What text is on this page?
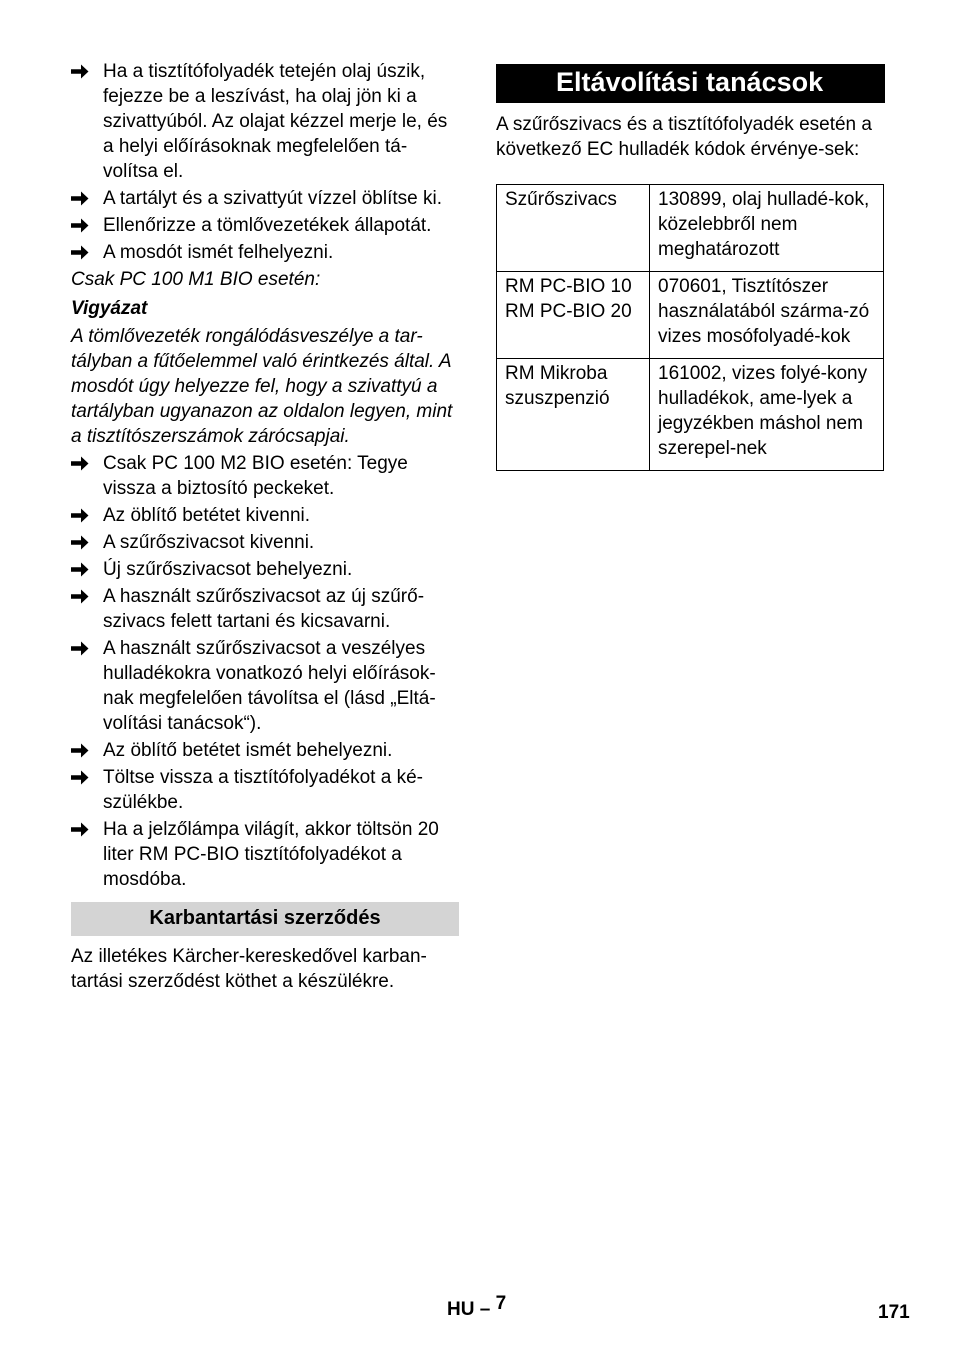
Ha a tisztítófolyadék tetején olaj úszik, fejezze be a leszívást, ha olaj jön ki a szivattyúból. Az olajat kézzel merje le, és a helyi előírásoknak megfelelően tá-volítsa el.
A tartályt és a szivattyút vízzel öblítse ki.
Ellenőrizze a tömlővezetékek állapotát.
A mosdót ismét felhelyezni.
Csak PC 100 M1 BIO esetén:
Vigyázat
A tömlővezeték rongálódásveszélye a tar-tályban a fűtőelemmel való érintkezés által. A mosdót úgy helyezze fel, hogy a szivattyú a tartályban ugyanazon az oldalon legyen, mint a tisztítószerszámok zárócsapjai.
Csak PC 100 M2 BIO esetén: Tegye vissza a biztosító peckeket.
Az öblítő betétet kivenni.
A szűrőszivacsot kivenni.
Új szűrőszivacsot behelyezni.
A használt szűrőszivacsot az új szűrő-szivacs felett tartani és kicsavarni.
A használt szűrőszivacsot a veszélyes hulladékokra vonatkozó helyi előírások-nak megfelelően távolítsa el (lásd „Eltá-volítási tanácsok“).
Az öblítő betétet ismét behelyezni.
Töltse vissza a tisztítófolyadékot a ké-szülékbe.
Ha a jelzőlámpa világít, akkor töltsön 20 liter RM PC-BIO tisztítófolyadékot a mosdóba.
Karbantartási szerződés
Az illetékes Kärcher-kereskedővel karban-tartási szerződést köthet a készülékre.
Eltávolítási tanácsok
A szűrőszivacs és a tisztítófolyadék esetén a következő EC hulladék kódok érvénye-sek:
Szűrőszivacs	130899, olaj hulladé-kok, közelebbről nem meghatározott
RM PC-BIO 10 RM PC-BIO 20	070601, Tisztítószer használatából szárma-zó vizes mosófolyadé-kok
RM Mikroba szuszpenzió	161002, vizes folyé-kony hulladékok, ame-lyek a jegyzékben máshol nem szerepel-nek
HU – 7	171
